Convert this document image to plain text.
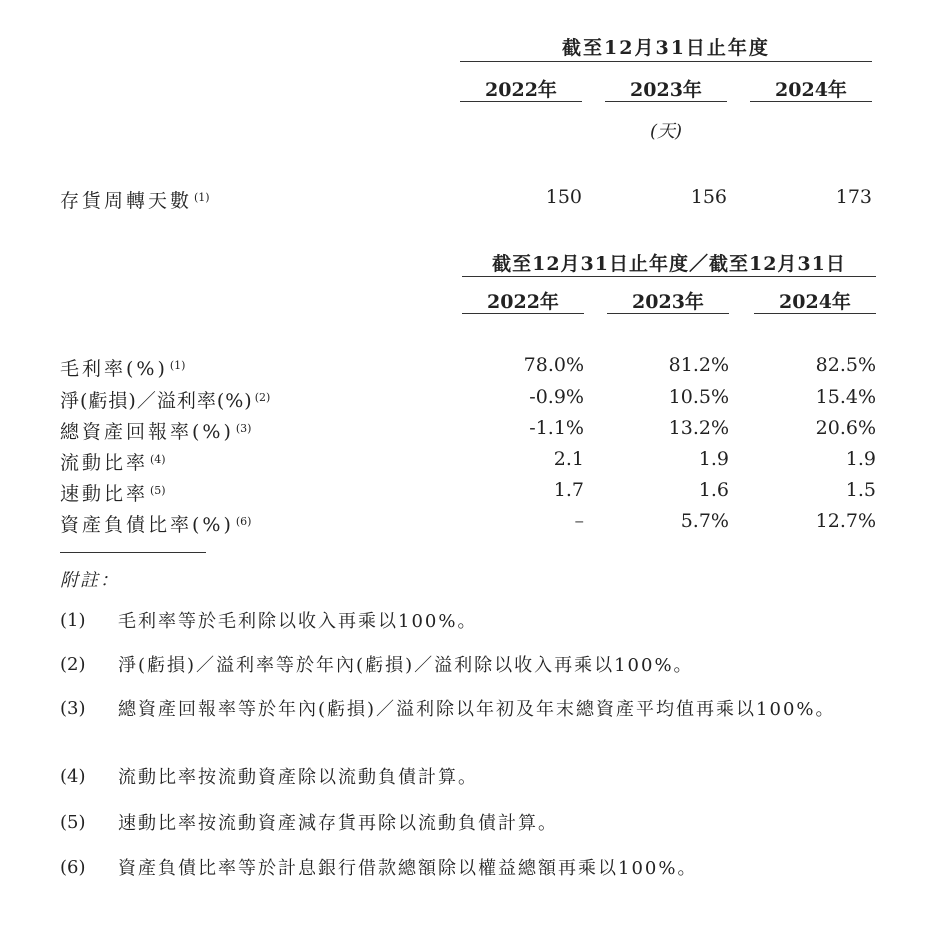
截至12月31日止年度
2022年	2023年	2024年
(天)
存貨周轉天數 $^{(1)}$	150	156	173
截至12月31日止年度／截至12月31日
2022年	2023年	2024年
毛利率(%) $^{(1)}$	78.0%	81.2%	82.5%
淨(虧損)／溢利率(%) $^{(2)}$	-0.9%	10.5%	15.4%
總資產回報率(%) $^{(3)}$	-1.1%	13.2%	20.6%
流動比率 $^{(4)}$	2.1	1.9	1.9
速動比率 $^{(5)}$	1.7	1.6	1.5
資產負債比率(%) $^{(6)}$	–	5.7%	12.7%
附註：
(1) 毛利率等於毛利除以收入再乘以100%。
(2) 淨(虧損)／溢利率等於年內(虧損)／溢利除以收入再乘以100%。
(3) 總資產回報率等於年內(虧損)／溢利除以年初及年末總資產平均值再乘以100%。
(4) 流動比率按流動資產除以流動負債計算。
(5) 速動比率按流動資產減存貨再除以流動負債計算。
(6) 資產負債比率等於計息銀行借款總額除以權益總額再乘以100%。
